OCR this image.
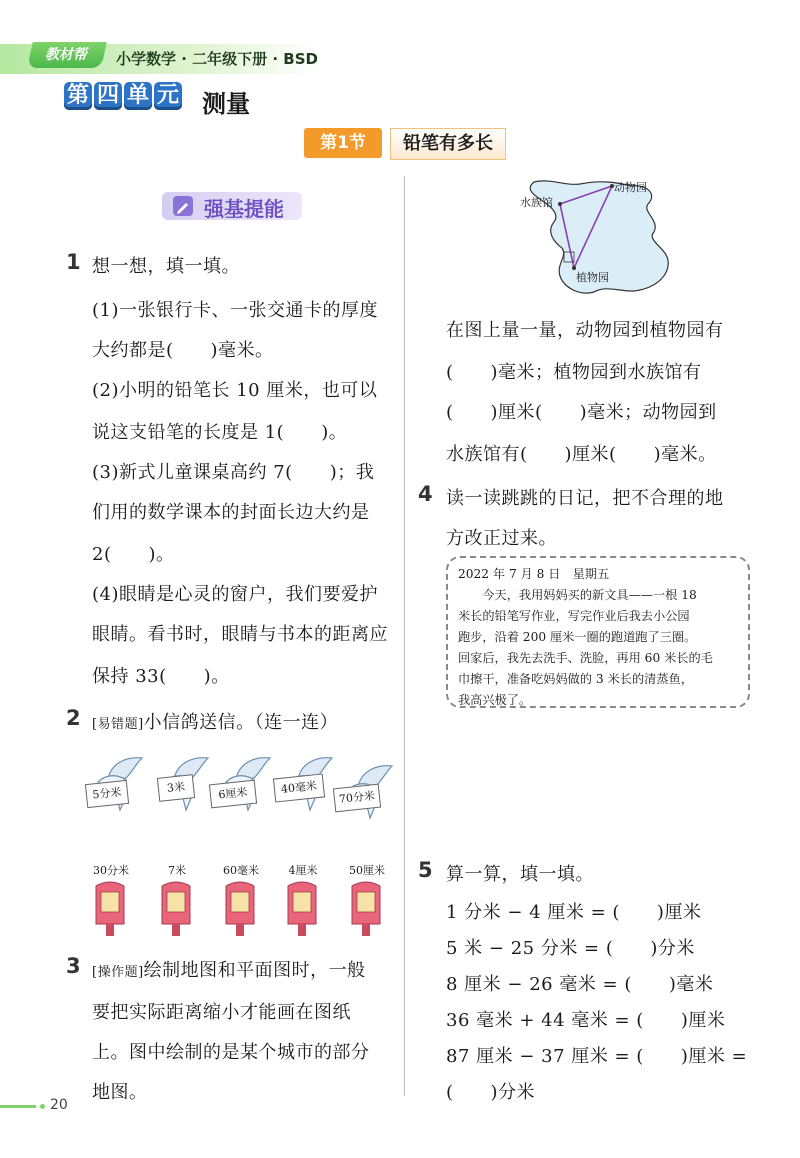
教材帮	小学数学 · 二年级下册 · BSD
第 四 单 元 测量
第1节	铅笔有多长
强基提能
1 想一想，填一填。
(1)一张银行卡、一张交通卡的厚度
大约都是(　　)毫米。
(2)小明的铅笔长 10 厘米，也可以
说这支铅笔的长度是 1(　　)。
(3)新式儿童课桌高约 7(　　)；我
们用的数学课本的封面长边大约是
2(　　)。
(4)眼睛是心灵的窗户，我们要爱护
眼睛。看书时，眼睛与书本的距离应
保持 33(　　)。
2 [易错题]小信鸽送信。（连一连）
5分米	3米	6厘米	40毫米
70分米
30分米	7米	60毫米	4厘米	50厘米
3 [操作题]绘制地图和平面图时，一般
要把实际距离缩小才能画在图纸
上。图中绘制的是某个城市的部分
地图。
动物园
水族馆
植物园
在图上量一量，动物园到植物园有
(　　)毫米；植物园到水族馆有
(　　)厘米(　　)毫米；动物园到
水族馆有(　　)厘米(　　)毫米。
4 读一读跳跳的日记，把不合理的地
方改正过来。
2022 年 7 月 8 日　星期五
　　今天，我用妈妈买的新文具——一根 18
米长的铅笔写作业，写完作业后我去小公园
跑步，沿着 200 厘米一圈的跑道跑了三圈。
回家后，我先去洗手、洗脸，再用 60 米长的毛
巾擦干，准备吃妈妈做的 3 米长的清蒸鱼，
我高兴极了。
5 算一算，填一填。
1 分米 − 4 厘米 = (　　)厘米
5 米 − 25 分米 = (　　)分米
8 厘米 − 26 毫米 = (　　)毫米
36 毫米 + 44 毫米 = (　　)厘米
87 厘米 − 37 厘米 = (　　)厘米 =
(　　)分米
20
